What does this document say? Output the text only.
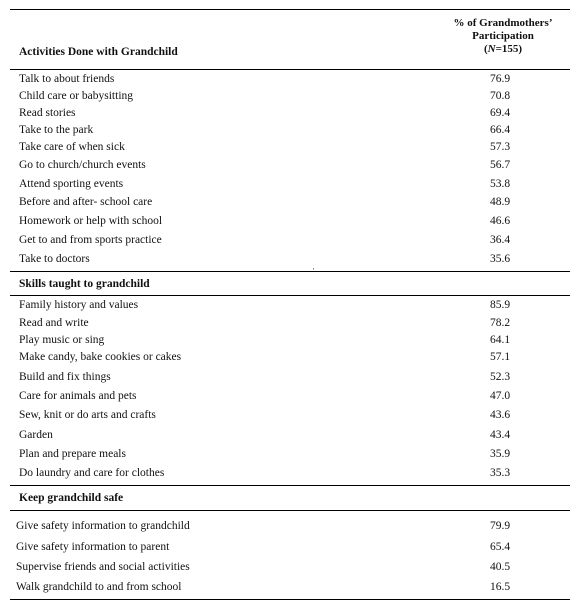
Activities Done with Grandchild
% of Grandmothers’
Participation
(N=155)
Talk to about friends	76.9
Child care or babysitting	70.8
Read stories	69.4
Take to the park	66.4
Take care of when sick	57.3
Go to church/church events	56.7
Attend sporting events	53.8
Before and after- school care	48.9
Homework or help with school	46.6
Get to and from sports practice	36.4
Take to doctors	35.6
'
Skills taught to grandchild
Family history and values	85.9
Read and write	78.2
Play music or sing	64.1
Make candy, bake cookies or cakes	57.1
Build and fix things	52.3
Care for animals and pets	47.0
Sew, knit or do arts and crafts	43.6
Garden	43.4
Plan and prepare meals	35.9
Do laundry and care for clothes	35.3
Keep grandchild safe
Give safety information to grandchild	79.9
Give safety information to parent	65.4
Supervise friends and social activities	40.5
Walk grandchild to and from school	16.5
